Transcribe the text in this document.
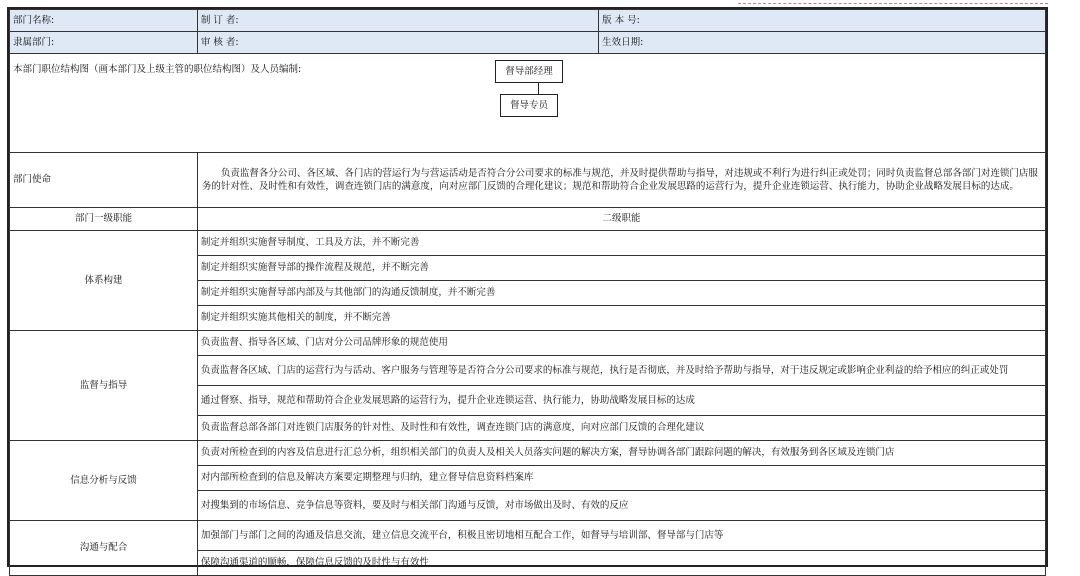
部门名称:	制 订 者:	版 本 号:
隶属部门:	审 核 者:	生效日期:

本部门职位结构图（画本部门及上级主管的职位结构图）及人员编制: 督导部经理
督导专员		

部门使命	负责监督各分公司、各区域、各门店的营运行为与营运活动是否符合分公司要求的标准与规范，并及时提供帮助与指导，对违规或不利行为进行纠正或处罚；同时负责监督总部各部门对连锁门店服务的针对性、及时性和有效性，调查连锁门店的满意度，向对应部门反馈的合理化建议；规范和帮助符合企业发展思路的运营行为，提升企业连锁运营、执行能力，协助企业战略发展目标的达成。	
部门一级职能	二级职能	
体系构建	制定并组织实施督导制度、工具及方法，并不断完善	
	制定并组织实施督导部的操作流程及规范，并不断完善	
	制定并组织实施督导部内部及与其他部门的沟通反馈制度，并不断完善	
	制定并组织实施其他相关的制度，并不断完善	
监督与指导	负责监督、指导各区域、门店对分公司品牌形象的规范使用	
	负责监督各区域、门店的运营行为与活动、客户服务与管理等是否符合分公司要求的标准与规范，执行是否彻底，并及时给予帮助与指导，对于违反规定或影响企业利益的给予相应的纠正或处罚	
	通过督察、指导，规范和帮助符合企业发展思路的运营行为，提升企业连锁运营、执行能力，协助战略发展目标的达成	
	负责监督总部各部门对连锁门店服务的针对性、及时性和有效性，调查连锁门店的满意度，向对应部门反馈的合理化建议	
信息分析与反馈	负责对所检查到的内容及信息进行汇总分析，组织相关部门的负责人及相关人员落实问题的解决方案，督导协调各部门跟踪问题的解决，有效服务到各区域及连锁门店	
	对内部所检查到的信息及解决方案要定期整理与归纳，建立督导信息资料档案库	
	对搜集到的市场信息、竞争信息等资料，要及时与相关部门沟通与反馈，对市场做出及时、有效的反应	
沟通与配合	加强部门与部门之间的沟通及信息交流，建立信息交流平台，积极且密切地相互配合工作，如督导与培训部、督导部与门店等	
	保障沟通渠道的顺畅，保障信息反馈的及时性与有效性	
